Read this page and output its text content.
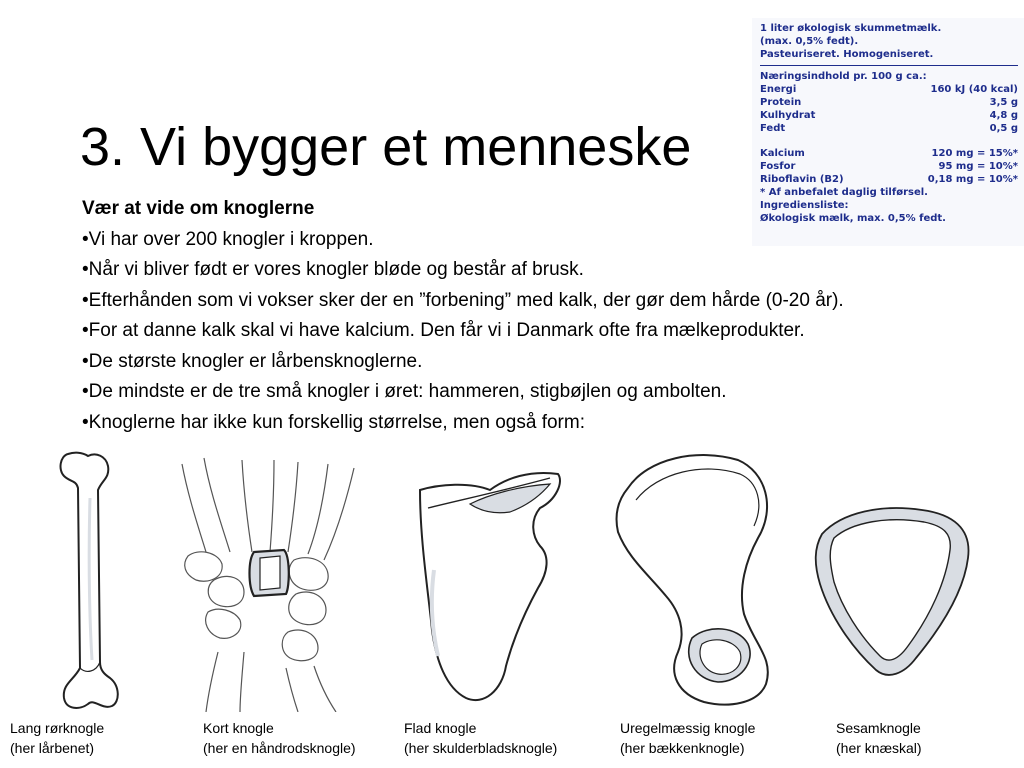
3. Vi bygger et menneske
1 liter økologisk skummetmælk.
(max. 0,5% fedt).
Pasteuriseret. Homogeniseret.
Næringsindhold pr. 100 g ca.:
Energi	160 kJ (40 kcal)
Protein	3,5 g
Kulhydrat	4,8 g
Fedt	0,5 g
Kalcium	120 mg = 15%*
Fosfor	95 mg = 10%*
Riboflavin (B2)	0,18 mg = 10%*
* Af anbefalet daglig tilførsel.
Ingrediensliste:
Økologisk mælk, max. 0,5% fedt.
Vær at vide om knoglerne
•Vi har over 200 knogler i kroppen.
•Når vi bliver født er vores knogler bløde og består af brusk.
•Efterhånden som vi vokser sker der en ”forbening” med kalk, der gør dem hårde (0-20 år).
•For at danne kalk skal vi have kalcium. Den får vi i Danmark ofte fra mælkeprodukter.
•De største knogler er lårbensknoglerne.
•De mindste er de tre små knogler i øret: hammeren, stigbøjlen og ambolten.
•Knoglerne har ikke kun forskellig størrelse, men også form:
Lang rørknogle
(her lårbenet)
Kort knogle
(her en håndrodsknogle)
Flad knogle
(her skulderbladsknogle)
Uregelmæssig knogle
(her bækkenknogle)
Sesamknogle
(her knæskal)
